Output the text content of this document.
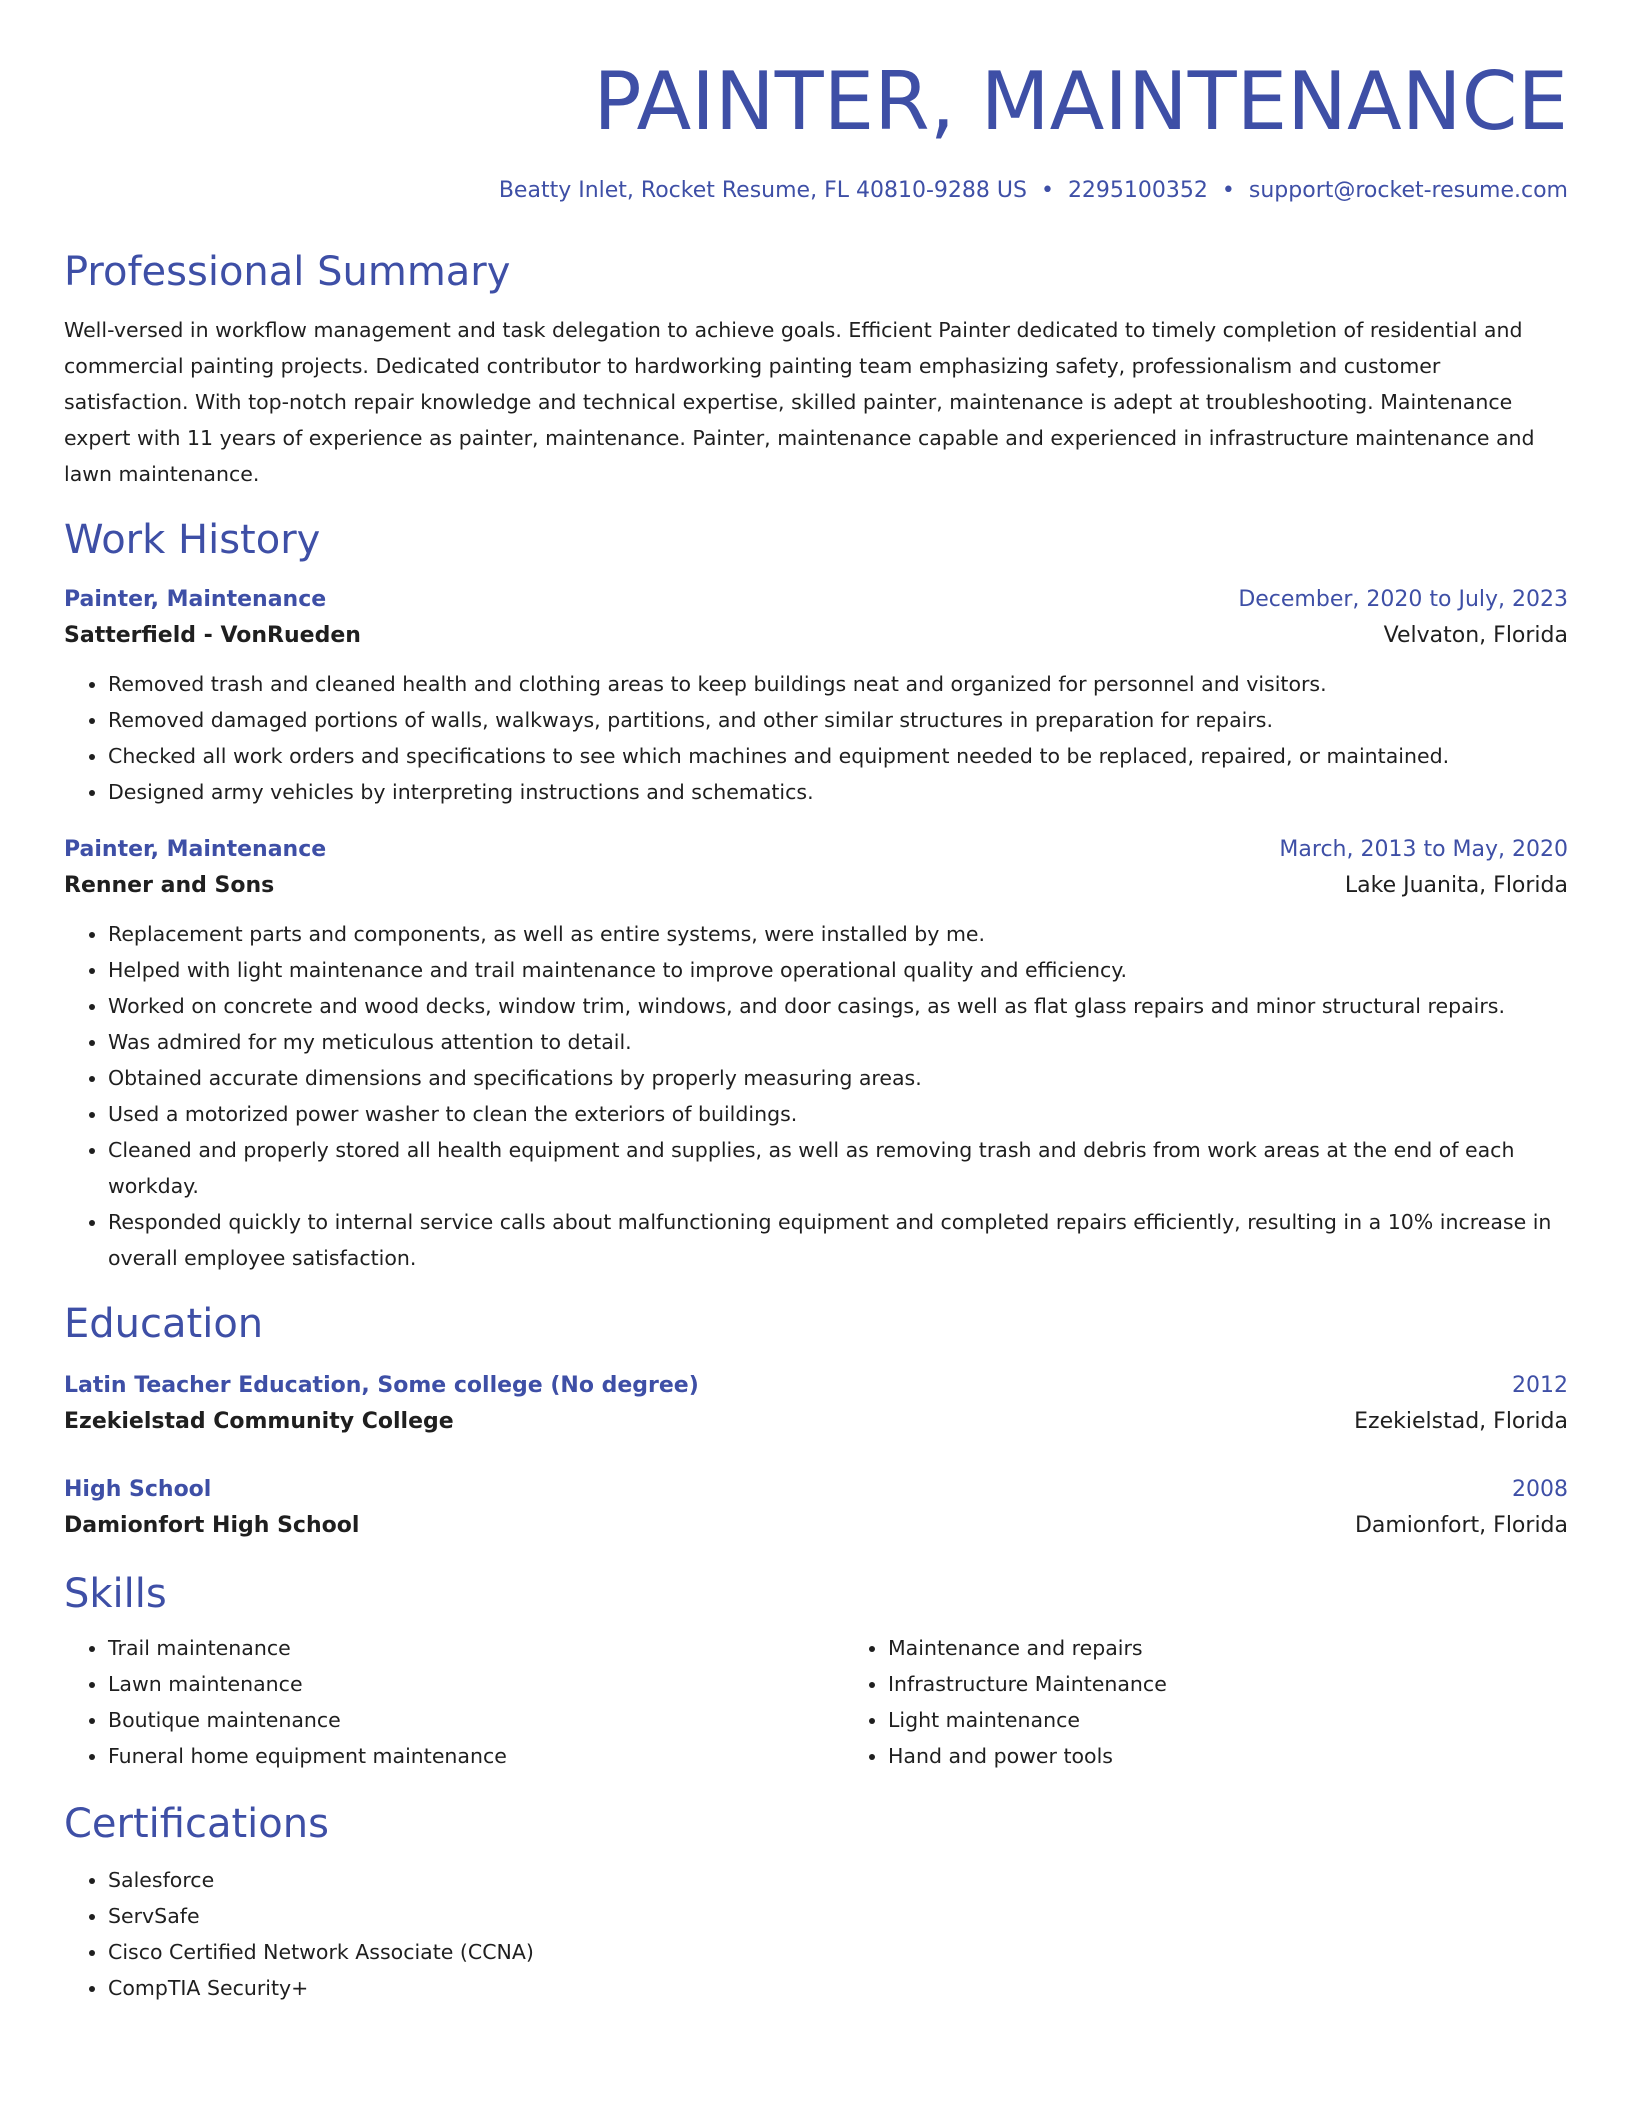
PAINTER, MAINTENANCE
Beatty Inlet, Rocket Resume, FL 40810-9288 US • 2295100352 • support@rocket-resume.com
Professional Summary

Well-versed in workflow management and task delegation to achieve goals. Efficient Painter dedicated to timely completion of residential and commercial painting projects. Dedicated contributor to hardworking painting team emphasizing safety, professionalism and customer satisfaction. With top-notch repair knowledge and technical expertise, skilled painter, maintenance is adept at troubleshooting. Maintenance expert with 11 years of experience as painter, maintenance. Painter, maintenance capable and experienced in infrastructure maintenance and lawn maintenance.

Work History
Painter, Maintenance	December, 2020 to July, 2023
Satterfield - VonRueden	Velvaton, Florida
• Removed trash and cleaned health and clothing areas to keep buildings neat and organized for personnel and visitors.
• Removed damaged portions of walls, walkways, partitions, and other similar structures in preparation for repairs.
• Checked all work orders and specifications to see which machines and equipment needed to be replaced, repaired, or maintained.
• Designed army vehicles by interpreting instructions and schematics.
Painter, Maintenance	March, 2013 to May, 2020
Renner and Sons	Lake Juanita, Florida
• Replacement parts and components, as well as entire systems, were installed by me.
• Helped with light maintenance and trail maintenance to improve operational quality and efficiency.
• Worked on concrete and wood decks, window trim, windows, and door casings, as well as flat glass repairs and minor structural repairs.
• Was admired for my meticulous attention to detail.
• Obtained accurate dimensions and specifications by properly measuring areas.
• Used a motorized power washer to clean the exteriors of buildings.
• Cleaned and properly stored all health equipment and supplies, as well as removing trash and debris from work areas at the end of each workday.
• Responded quickly to internal service calls about malfunctioning equipment and completed repairs efficiently, resulting in a 10% increase in overall employee satisfaction.
Education
Latin Teacher Education, Some college (No degree)	2012
Ezekielstad Community College	Ezekielstad, Florida
High School	2008
Damionfort High School	Damionfort, Florida
Skills
• Trail maintenance
• Lawn maintenance
• Boutique maintenance
• Funeral home equipment maintenance
• Maintenance and repairs
• Infrastructure Maintenance
• Light maintenance
• Hand and power tools
Certifications
• Salesforce
• ServSafe
• Cisco Certified Network Associate (CCNA)
• CompTIA Security+
